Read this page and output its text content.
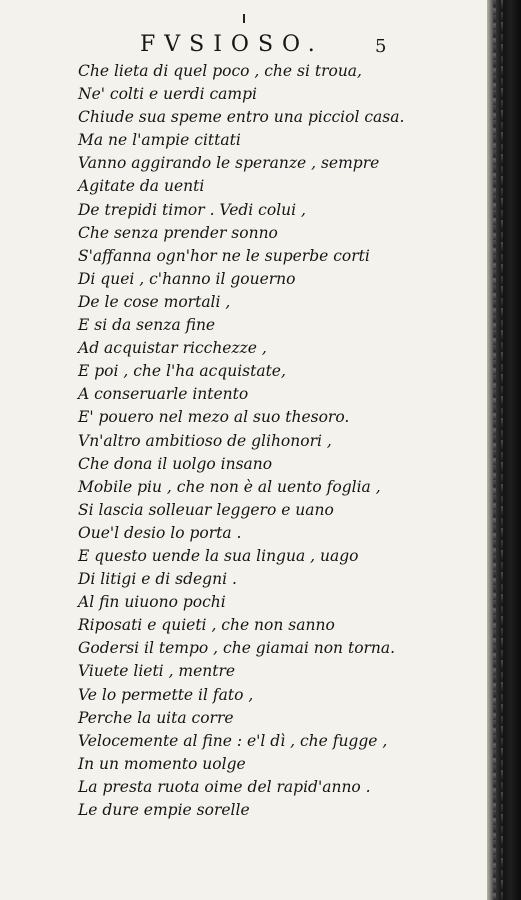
FVSIOSO.	5
Che lieta di quel poco , che si troua,
Ne' colti e uerdi campi
Chiude sua speme entro una picciol casa.
Ma ne l'ampie cittati
Vanno aggirando le speranze , sempre
Agitate da uenti
De trepidi timor . Vedi colui ,
Che senza prender sonno
S'affanna ogn'hor ne le superbe corti
Di quei , c'hanno il gouerno
De le cose mortali ,
E si da senza fine
Ad acquistar ricchezze ,
E poi , che l'ha acquistate,
A conseruarle intento
E' pouero nel mezo al suo thesoro.
Vn'altro ambitioso de glihonori ,
Che dona il uolgo insano
Mobile piu , che non è al uento foglia ,
Si lascia solleuar leggero e uano
Oue'l desio lo porta .
E questo uende la sua lingua , uago
Di litigi e di sdegni .
Al fin uiuono pochi
Riposati e quieti , che non sanno
Godersi il tempo , che giamai non torna.
Viuete lieti , mentre
Ve lo permette il fato ,
Perche la uita corre
Velocemente al fine : e'l dì , che fugge ,
In un momento uolge
La presta ruota oime del rapid'anno .
Le dure empie sorelle
